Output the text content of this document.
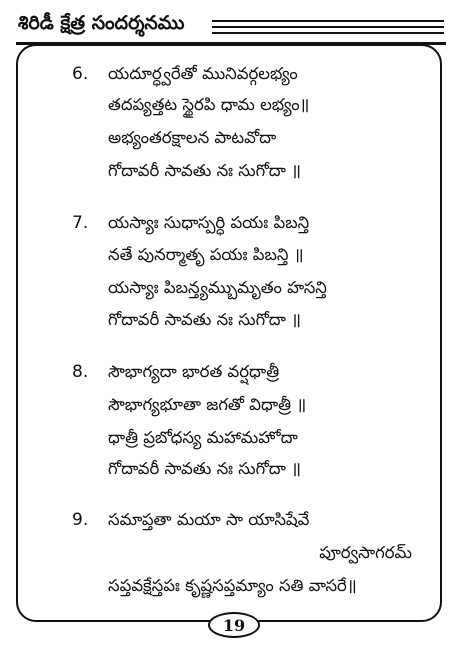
శిరిడీ క్షేత్ర సందర్శనము
6. యదూర్ధ్వరేతో మునివర్గలభ్యం
తదప్యత్తట స్థైరపి ధామ లభ్యం॥
అభ్యంతరక్షాలన పాటవోదా
గోదావరీ సావతు నః సుగోదా ॥
7. యస్యాః సుధాస్పర్ధి పయః పిబన్తి
నతే పునర్మాతృ పయః పిబన్తి ॥
యస్యాః పిబన్త్యమ్బుమృతం హసన్తి
గోదావరీ సావతు నః సుగోదా ॥
8. సౌభాగ్యదా భారత వర్షధాత్రీ
సౌభాగ్యభూతా జగతో విధాత్రీ ॥
ధాత్రీ ప్రబోధస్య మహామహోదా
గోదావరీ సావతు నః సుగోదా ॥
9. సమాప్తతా మయా సా యాసిషేవే
పూర్వసాగరమ్
సప్తవక్షేస్తపః కృష్ణసప్తమ్యాం సతి వాసరే॥
19
